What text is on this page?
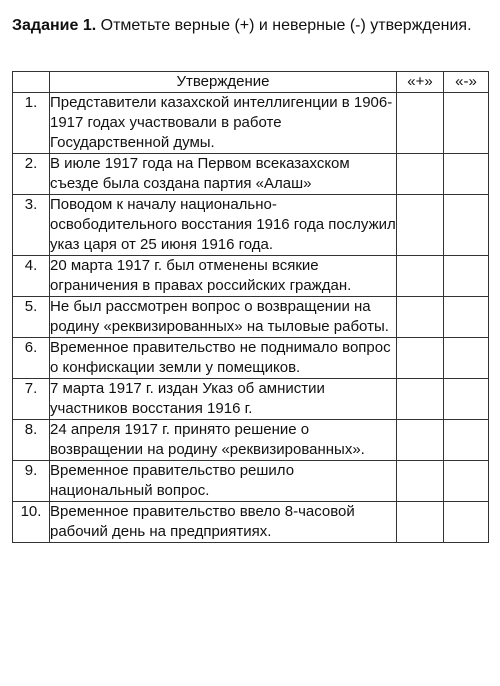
Задание 1. Отметьте верные (+) и неверные (-) утверждения.
	Утверждение	«+»	«-»
1.	Представители казахской интеллигенции в 1906-1917 годах участвовали в работе Государственной думы.		
2.	В июле 1917 года на Первом всеказахском съезде была создана партия «Алаш»		
3.	Поводом к началу национально-освободительного восстания 1916 года послужил указ царя от 25 июня 1916 года.		
4.	20 марта 1917 г. был отменены всякие ограничения в правах российских граждан.		
5.	Не был рассмотрен вопрос о возвращении на родину «реквизированных» на тыловые работы.		
6.	Временное правительство не поднимало вопрос о конфискации земли у помещиков.		
7.	7 марта 1917 г. издан Указ об амнистии участников восстания 1916 г.		
8.	24 апреля 1917 г. принято решение о возвращении на родину «реквизированных».		
9.	Временное правительство решило национальный вопрос.		
10.	Временное правительство ввело 8-часовой рабочий день на предприятиях.		
